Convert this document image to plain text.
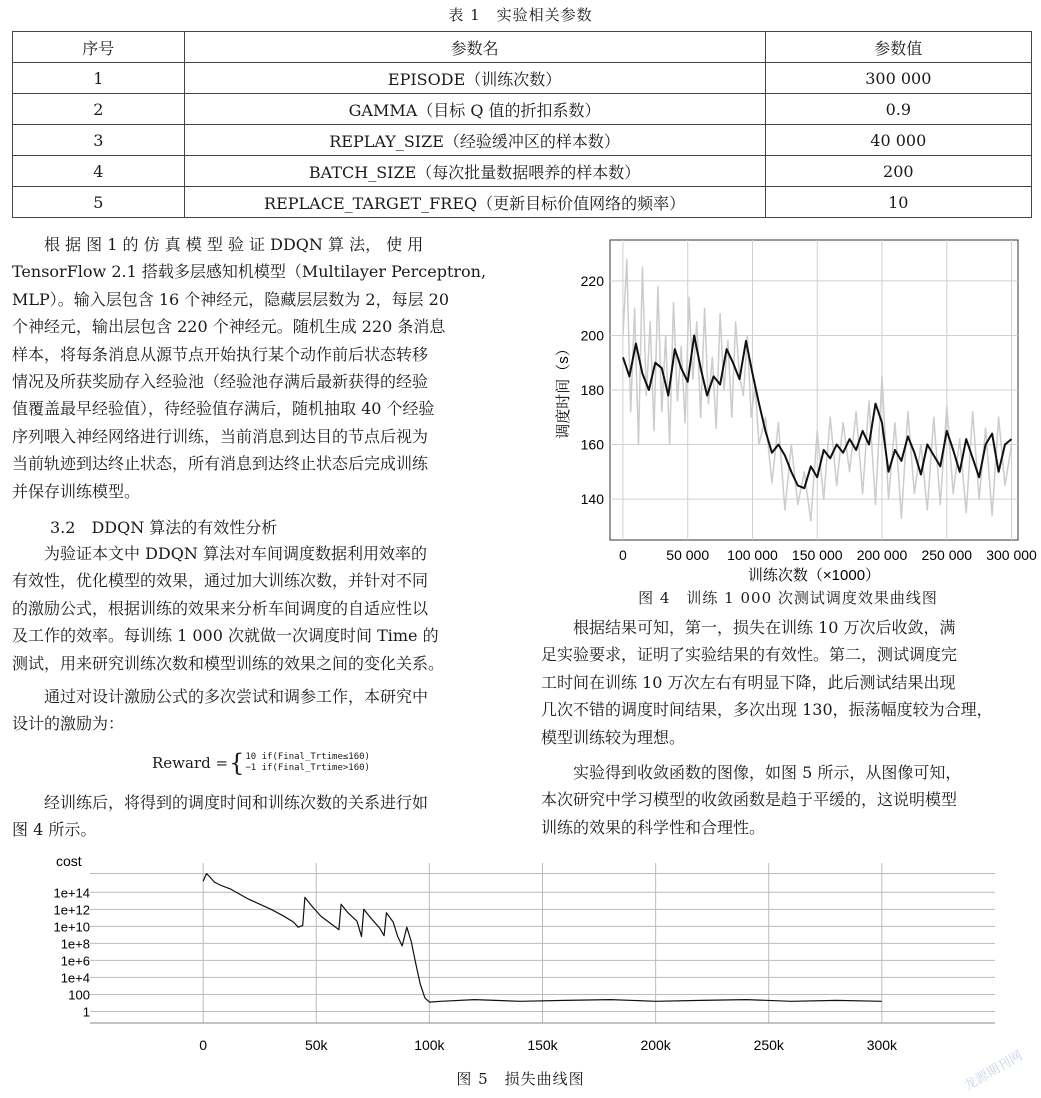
表 1　实验相关参数
序号	参数名	参数值
1	EPISODE（训练次数）	300 000
2	GAMMA（目标 Q 值的折扣系数）	0.9
3	REPLAY_SIZE（经验缓冲区的样本数）	40 000
4	BATCH_SIZE（每次批量数据喂养的样本数）	200
5	REPLACE_TARGET_FREQ（更新目标价值网络的频率）	10
根 据 图 1 的 仿 真 模 型 验 证 DDQN 算 法， 使 用
TensorFlow 2.1 搭载多层感知机模型（Multilayer Perceptron,
MLP）。输入层包含 16 个神经元，隐藏层层数为 2，每层 20
个神经元，输出层包含 220 个神经元。随机生成 220 条消息
样本，将每条消息从源节点开始执行某个动作前后状态转移
情况及所获奖励存入经验池（经验池存满后最新获得的经验
值覆盖最早经验值），待经验值存满后，随机抽取 40 个经验
序列喂入神经网络进行训练，当前消息到达目的节点后视为
当前轨迹到达终止状态，所有消息到达终止状态后完成训练
并保存训练模型。
3.2　DDQN 算法的有效性分析
为验证本文中 DDQN 算法对车间调度数据利用效率的
有效性，优化模型的效果，通过加大训练次数，并针对不同
的激励公式，根据训练的效果来分析车间调度的自适应性以
及工作的效率。每训练 1 000 次就做一次调度时间 Time 的
测试，用来研究训练次数和模型训练的效果之间的变化关系。
通过对设计激励公式的多次尝试和调参工作，本研究中
设计的激励为：
Reward = { 10 if(Final_Trtime≤160)
−1 if(Final_Trtime>160)
经训练后，将得到的调度时间和训练次数的关系进行如
图 4 所示。
140
160
180
200
220
0	50 000 100 000 150 000 200 000 250 000 300 000
调度时间（s）
训练次数（×1000）
图 4　训练 1 000 次测试调度效果曲线图
根据结果可知，第一，损失在训练 10 万次后收敛，满
足实验要求，证明了实验结果的有效性。第二，测试调度完
工时间在训练 10 万次左右有明显下降，此后测试结果出现
几次不错的调度时间结果，多次出现 130，振荡幅度较为合理，
模型训练较为理想。
实验得到收敛函数的图像，如图 5 所示，从图像可知，
本次研究中学习模型的收敛函数是趋于平缓的，这说明模型
训练的效果的科学性和合理性。
1
100
1e+4
1e+6
1e+8
1e+10
1e+12
1e+14
0	50k	100k	150k	200k	250k	300k
cost
图 5　损失曲线图	龙源期刊网
